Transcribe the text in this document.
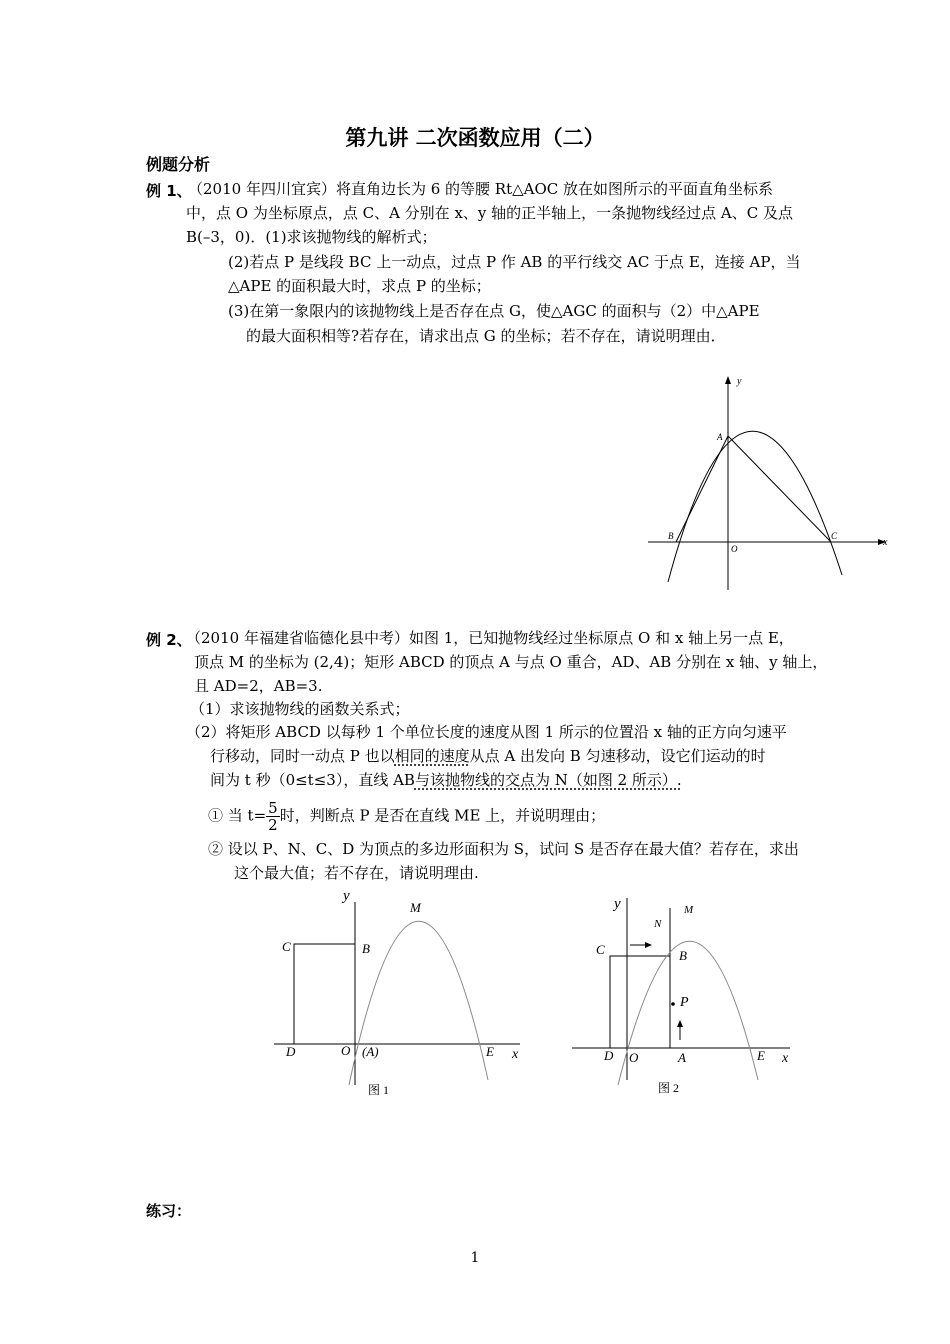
第九讲 二次函数应用（二）
例题分析
例 1、
（2010 年四川宜宾）将直角边长为 6 的等腰 Rt△AOC 放在如图所示的平面直角坐标系
中，点 O 为坐标原点，点 C、A 分别在 x、y 轴的正半轴上，一条抛物线经过点 A、C 及点
B(–3，0)．(1)求该抛物线的解析式；
(2)若点 P 是线段 BC 上一动点，过点 P 作 AB 的平行线交 AC 于点 E，连接 AP，当
△APE 的面积最大时，求点 P 的坐标；
(3)在第一象限内的该抛物线上是否存在点 G，使△AGC 的面积与（2）中△APE
的最大面积相等?若存在，请求出点 G 的坐标；若不存在，请说明理由．
y
x
A
B	C
O
例 2、
（2010 年福建省临德化县中考）如图 1，已知抛物线经过坐标原点 O 和 x 轴上另一点 E，
顶点 M 的坐标为 (2,4)；矩形 ABCD 的顶点 A 与点 O 重合，AD、AB 分别在 x 轴、y 轴上，
且 AD=2，AB=3.
（1）求该抛物线的函数关系式；
（2）将矩形 ABCD 以每秒 1 个单位长度的速度从图 1 所示的位置沿 x 轴的正方向匀速平
行移动，同时一动点 P 也以相同的速度从点 A 出发向 B 匀速移动，设它们运动的时
间为 t 秒（0≤t≤3），直线 AB与该抛物线的交点为 N（如图 2 所示）.
① 当 $t= \frac{5}{2}$ 时，判断点 P 是否在直线 ME 上，并说明理由；
② 设以 P、N、C、D 为顶点的多边形面积为 S，试问 S 是否存在最大值？若存在，求出
这个最大值；若不存在，请说明理由.
y
x
M
C	B
D	O (A)	E
图 1
y
x
M
N
C	B
P
D O	A	E
图 2
练习：
1
